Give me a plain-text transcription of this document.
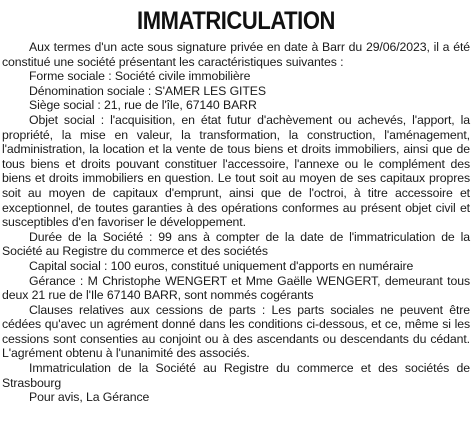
IMMATRICULATION

Aux termes d'un acte sous signature privée en date à Barr du 29/06/2023, il a été constitué une société présentant les caractéristiques suivantes :

Forme sociale : Société civile immobilière

Dénomination sociale : S'AMER LES GITES

Siège social : 21, rue de l'île, 67140 BARR

Objet social : l'acquisition, en état futur d'achèvement ou achevés, l'apport, la propriété, la mise en valeur, la transformation, la construction, l'aménagement, l'administration, la location et la vente de tous biens et droits immobiliers, ainsi que de tous biens et droits pouvant constituer l'accessoire, l'annexe ou le complément des biens et droits immobiliers en question. Le tout soit au moyen de ses capitaux propres soit au moyen de capitaux d'emprunt, ainsi que de l'octroi, à titre accessoire et exceptionnel, de toutes garanties à des opérations conformes au présent objet civil et susceptibles d'en favoriser le développement.

Durée de la Société : 99 ans à compter de la date de l'immatriculation de la Société au Registre du commerce et des sociétés

Capital social : 100 euros, constitué uniquement d'apports en numéraire

Gérance : M Christophe WENGERT et Mme Gaëlle WENGERT, demeurant tous deux 21 rue de l'Ile 67140 BARR, sont nommés cogérants

Clauses relatives aux cessions de parts : Les parts sociales ne peuvent être cédées qu'avec un agrément donné dans les conditions ci-dessous, et ce, même si les cessions sont consenties au conjoint ou à des ascendants ou descendants du cédant. L'agrément obtenu à l'unanimité des associés.

Immatriculation de la Société au Registre du commerce et des sociétés de Strasbourg

Pour avis, La Gérance
